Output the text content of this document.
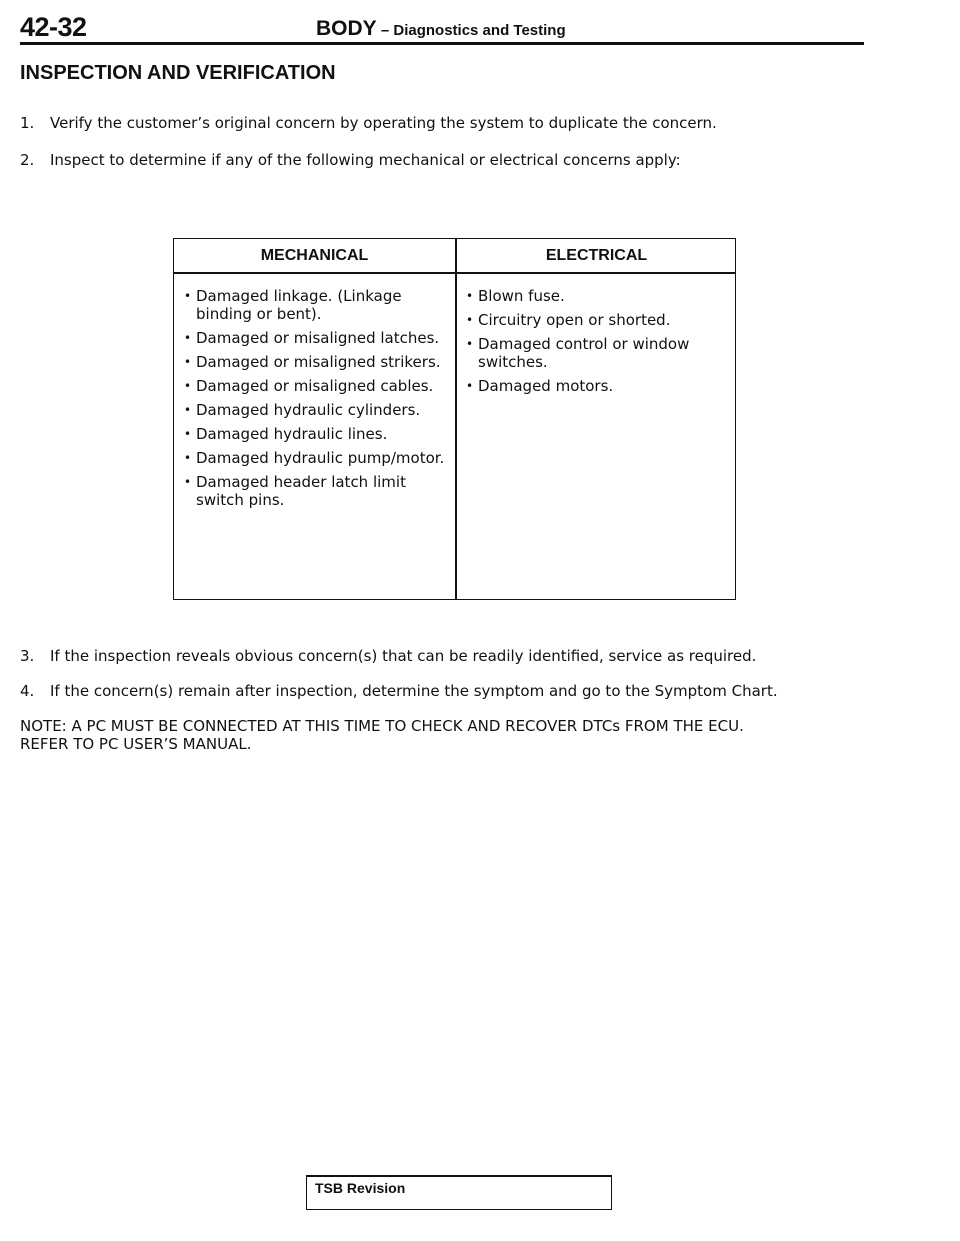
42-32	BODY – Diagnostics and Testing
INSPECTION AND VERIFICATION
1. Verify the customer’s original concern by operating the system to duplicate the concern.
2. Inspect to determine if any of the following mechanical or electrical concerns apply:
MECHANICAL	ELECTRICAL
• Damaged linkage. (Linkage binding or bent).
• Damaged or misaligned latches.
• Damaged or misaligned strikers.
• Damaged or misaligned cables.
• Damaged hydraulic cylinders.
• Damaged hydraulic lines.
• Damaged hydraulic pump/motor.
• Damaged header latch limit switch pins.
• Blown fuse.
• Circuitry open or shorted.
• Damaged control or window switches.
• Damaged motors.
3. If the inspection reveals obvious concern(s) that can be readily identified, service as required.
4. If the concern(s) remain after inspection, determine the symptom and go to the Symptom Chart.
NOTE: A PC MUST BE CONNECTED AT THIS TIME TO CHECK AND RECOVER DTCs FROM THE ECU.
REFER TO PC USER’S MANUAL.
TSB Revision
